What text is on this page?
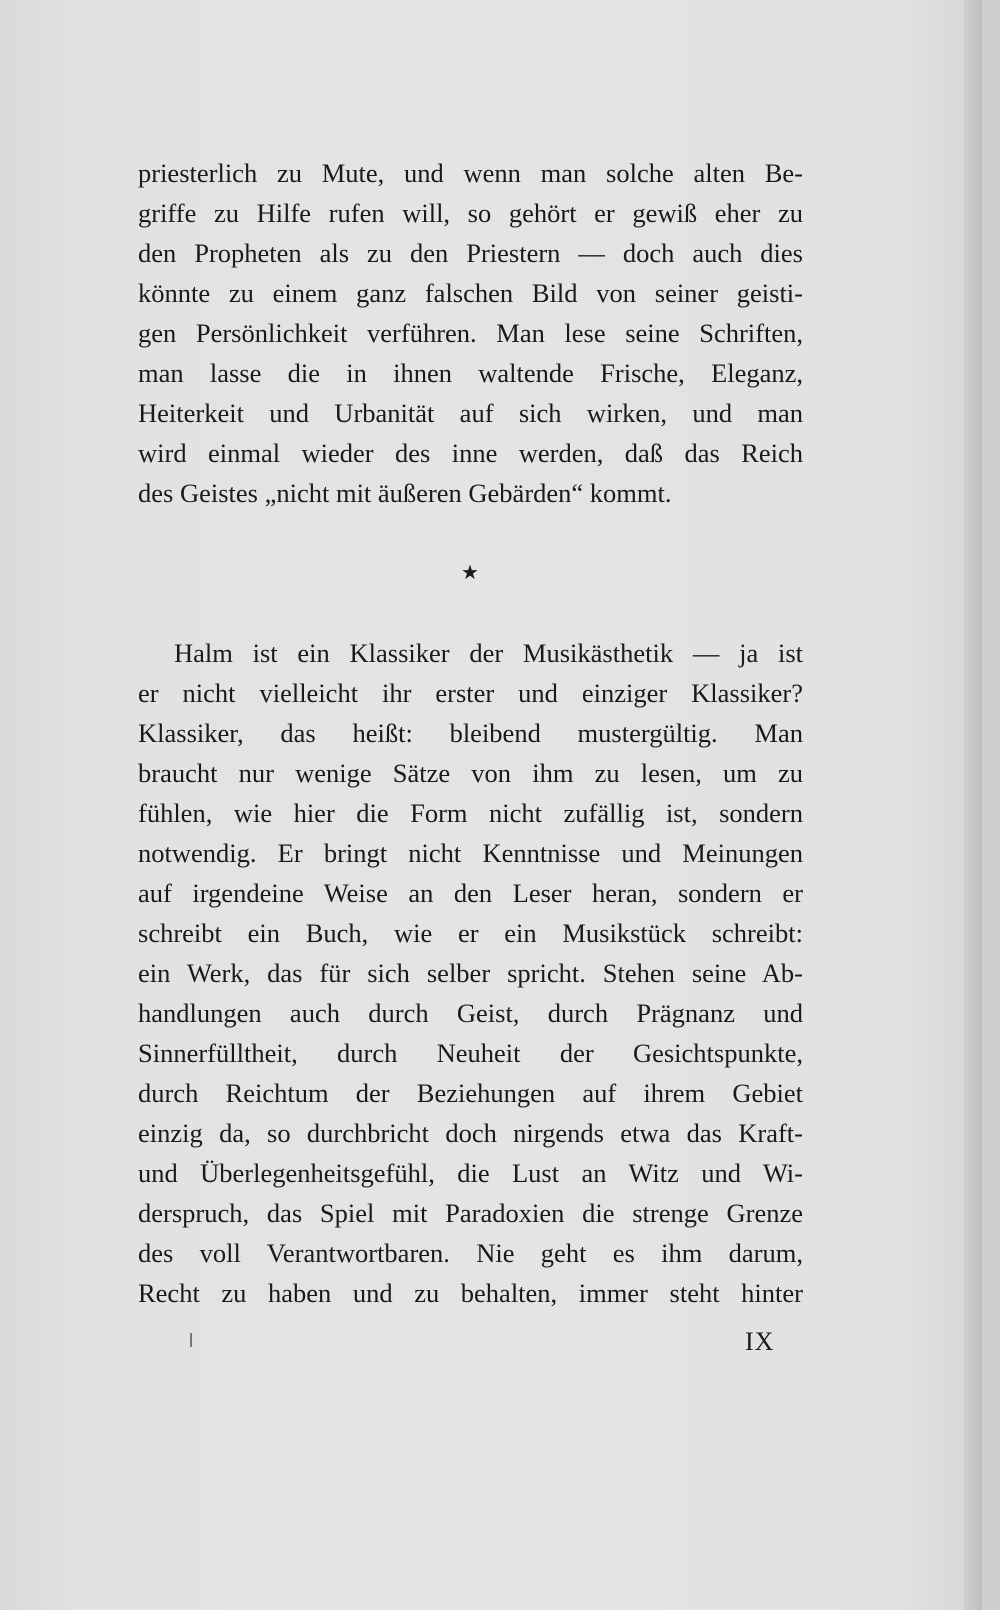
priesterlich zu Mute, und wenn man solche alten Be-
griffe zu Hilfe rufen will, so gehört er gewiß eher zu
den Propheten als zu den Priestern — doch auch dies
könnte zu einem ganz falschen Bild von seiner geisti-
gen Persönlichkeit verführen. Man lese seine Schriften,
man lasse die in ihnen waltende Frische, Eleganz,
Heiterkeit und Urbanität auf sich wirken, und man
wird einmal wieder des inne werden, daß das Reich
des Geistes „nicht mit äußeren Gebärden“ kommt.
★
Halm ist ein Klassiker der Musikästhetik — ja ist
er nicht vielleicht ihr erster und einziger Klassiker?
Klassiker, das heißt: bleibend mustergültig. Man
braucht nur wenige Sätze von ihm zu lesen, um zu
fühlen, wie hier die Form nicht zufällig ist, sondern
notwendig. Er bringt nicht Kenntnisse und Meinungen
auf irgendeine Weise an den Leser heran, sondern er
schreibt ein Buch, wie er ein Musikstück schreibt:
ein Werk, das für sich selber spricht. Stehen seine Ab-
handlungen auch durch Geist, durch Prägnanz und
Sinnerfülltheit, durch Neuheit der Gesichtspunkte,
durch Reichtum der Beziehungen auf ihrem Gebiet
einzig da, so durchbricht doch nirgends etwa das Kraft-
und Überlegenheitsgefühl, die Lust an Witz und Wi-
derspruch, das Spiel mit Paradoxien die strenge Grenze
des voll Verantwortbaren. Nie geht es ihm darum,
Recht zu haben und zu behalten, immer steht hinter
IX
